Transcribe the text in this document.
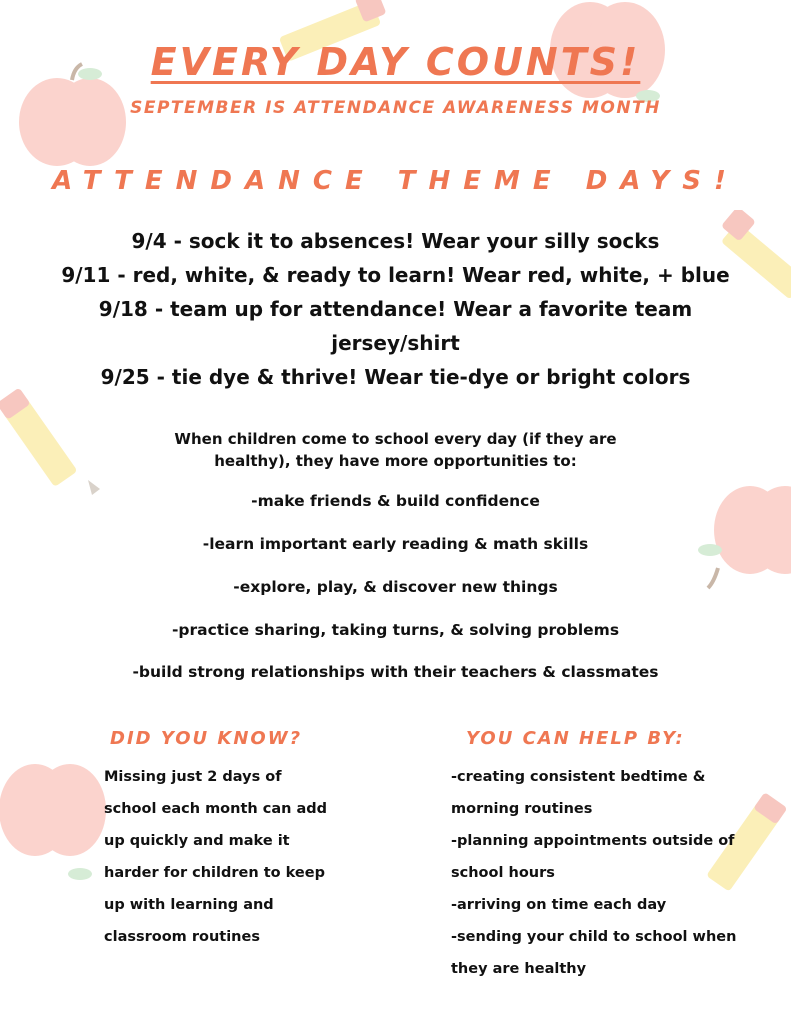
EVERY DAY COUNTS!
SEPTEMBER IS ATTENDANCE AWARENESS MONTH
ATTENDANCE THEME DAYS!
9/4 - sock it to absences! Wear your silly socks
9/11 - red, white, & ready to learn! Wear red, white, + blue
9/18 - team up for attendance! Wear a favorite team
jersey/shirt
9/25 - tie dye & thrive! Wear tie-dye or bright colors
When children come to school every day (if they are
healthy), they have more opportunities to:
-make friends & build confidence
-learn important early reading & math skills
-explore, play, & discover new things
-practice sharing, taking turns, & solving problems
-build strong relationships with their teachers & classmates
DID YOU KNOW?
Missing just 2 days of
school each month can add
up quickly and make it
harder for children to keep
up with learning and
classroom routines
YOU CAN HELP BY:
-creating consistent bedtime &
morning routines
-planning appointments outside of
school hours
-arriving on time each day
-sending your child to school when
they are healthy
